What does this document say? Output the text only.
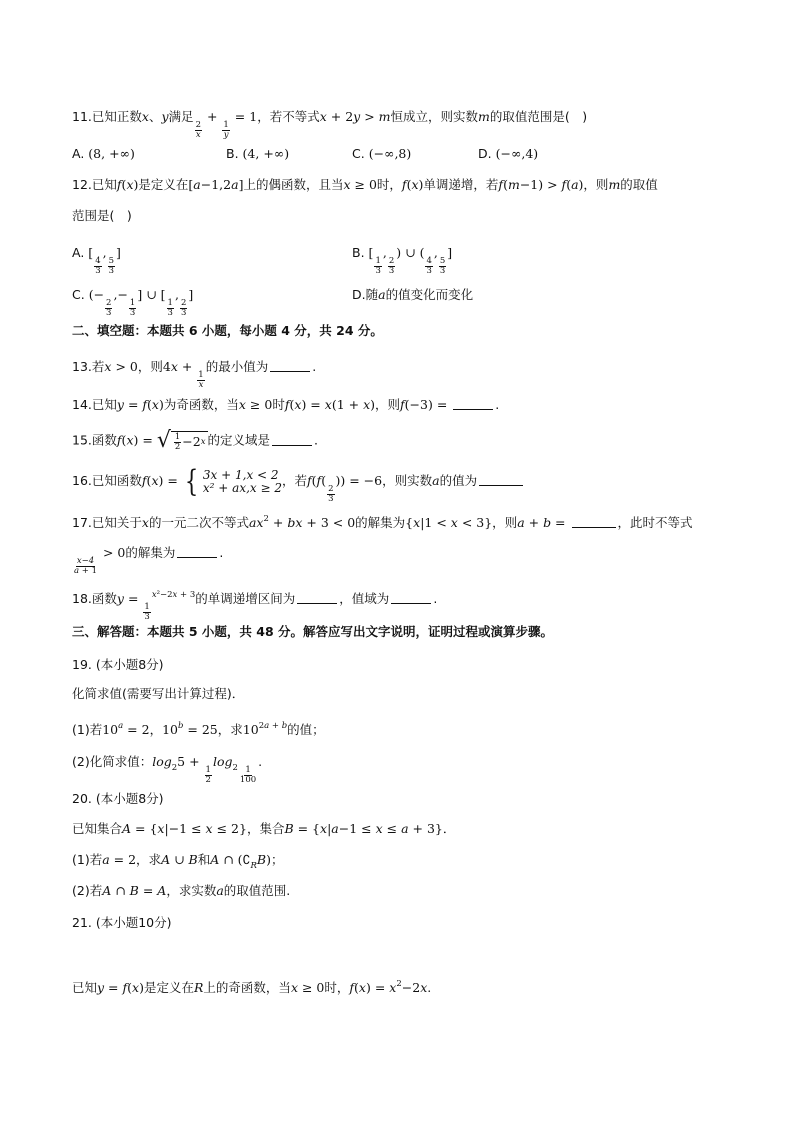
11.已知正数x、y满足
$\frac{2}{x}$
+
$\frac{1}{y}$
= 1，若不等式x + 2y > m恒成立，则实数m的取值范围是(　)
A. (8, +∞)	B. (4, +∞)	C. (−∞,8)	D. (−∞,4)
12.已知f(x)是定义在[a−1,2a]上的偶函数，且当x ≥ 0时，f(x)单调递增，若f(m−1) > f(a)，则m的取值
范围是(　)
A. [
$\frac{4}{3}$
,
$\frac{5}{3}$
]	B. [
$\frac{1}{3}$
,
$\frac{2}{3}$
) ∪ (
$\frac{4}{3}$
,
$\frac{5}{3}$
]
C. (−
$\frac{2}{3}$
,−
$\frac{1}{3}$
] ∪ [
$\frac{1}{3}$
,
$\frac{2}{3}$
]	D.随a的值变化而变化
二、填空题：本题共 6 小题，每小题 4 分，共 24 分。
13.若x > 0，则4x +
$\frac{1}{x}$
的最小值为	.
14.已知y = f(x)为奇函数，当x ≥ 0时f(x) = x(1 + x)，则f(−3) =	.
15.函数f(x) = √ $\frac{1}{2} -2$ x 的定义域是	.
16.已知函数f(x) = { 3x + 1,x < 2
x² + ax,x ≥ 2 ，若f(f(
$\frac{2}{3}$
)) = −6，则实数a的值为
17.已知关于x的一元二次不等式$ax^2$ + bx + 3 < 0的解集为{x|1 < x < 3}，则a + b =	，此时不等式
$\frac{x-4}{a + 1}$
> 0的解集为	.
18.函数y =
$\frac{1}{3}$
$^{x^2-2x + 3}$的单调递增区间为	，值域为	.
三、解答题：本题共 5 小题，共 48 分。解答应写出文字说明，证明过程或演算步骤。
19. (本小题8分)
化简求值(需要写出计算过程)．
(1)若$10^a = 2$，$10^b = 25$，求$10^{2a + b}$的值；
(2)化简求值：$\log_25$ +
$\frac{1}{2}$
$\log_2 \frac{1}{100}$
.
20. (本小题8分)
已知集合A = {x|−1 ≤ x ≤ 2}，集合B = {x|a−1 ≤ x ≤ a + 3}．
(1)若a = 2，求A ∪ B和A ∩ $(∁_RB)$；
(2)若A ∩ B = A，求实数a的取值范围.
21. (本小题10分)
已知y = f(x)是定义在R上的奇函数，当x ≥ 0时，$f(x) = x^2-2x$.
